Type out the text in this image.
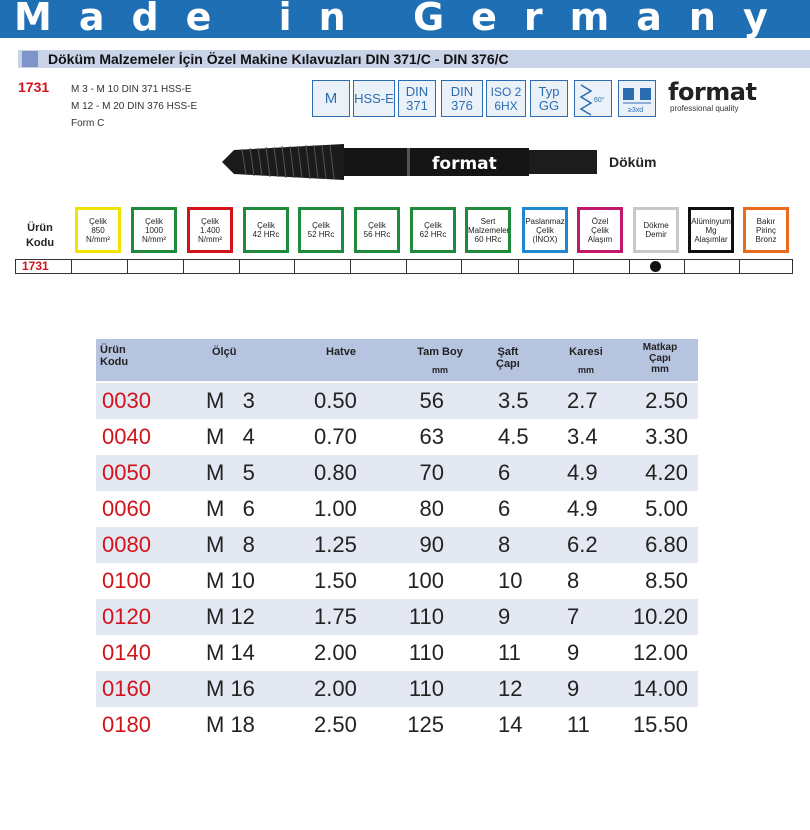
Made in Germany
Döküm Malzemeler İçin Özel Makine Kılavuzları DIN 371/C - DIN 376/C
1731 M 3 - M 10 DIN 371 HSS-E
M 12 - M 20 DIN 376 HSS-E
Form C
M	HSS-E DIN
371
DIN
376
ISO 2
6HX
Typ
GG	60°
≥3xd
format
professional quality
format	Döküm
Ürün
Kodu
Çelik
850
N/mm²
Çelik
1000
N/mm²
Çelik
1.400
N/mm²
Çelik
42 HRc
Çelik
52 HRc
Çelik
56 HRc
Çelik
62 HRc
Sert
Malzemeler
60 HRc
Paslanmaz
Çelik
(İNOX)
Özel
Çelik
Alaşım
Dökme
Demir
Alüminyum
Mg
Alaşımlar
Bakır
Pirinç
Bronz
1731
Ürün
Kodu
Ölçü	Hatve	Tam Boy
mm
Şaft
Çapı
Karesi
mm
Matkap
Çapı
mm
0030	M   3	0.50	56 3.5 2.7 2.50
0040	M   4	0.70	63 4.5 3.4 3.30
0050	M   5	0.80	70 6	4.9 4.20
0060	M   6	1.00	80 6	4.9 5.00
0080	M   8	1.25	90 8	6.2 6.80
0100	M 10	1.50 100 10 8	8.50
0120	M 12	1.75 110 9	7 10.20
0140	M 14	2.00 110 11 9 12.00
0160	M 16	2.00 110 12 9 14.00
0180	M 18	2.50 125 14 11 15.50
